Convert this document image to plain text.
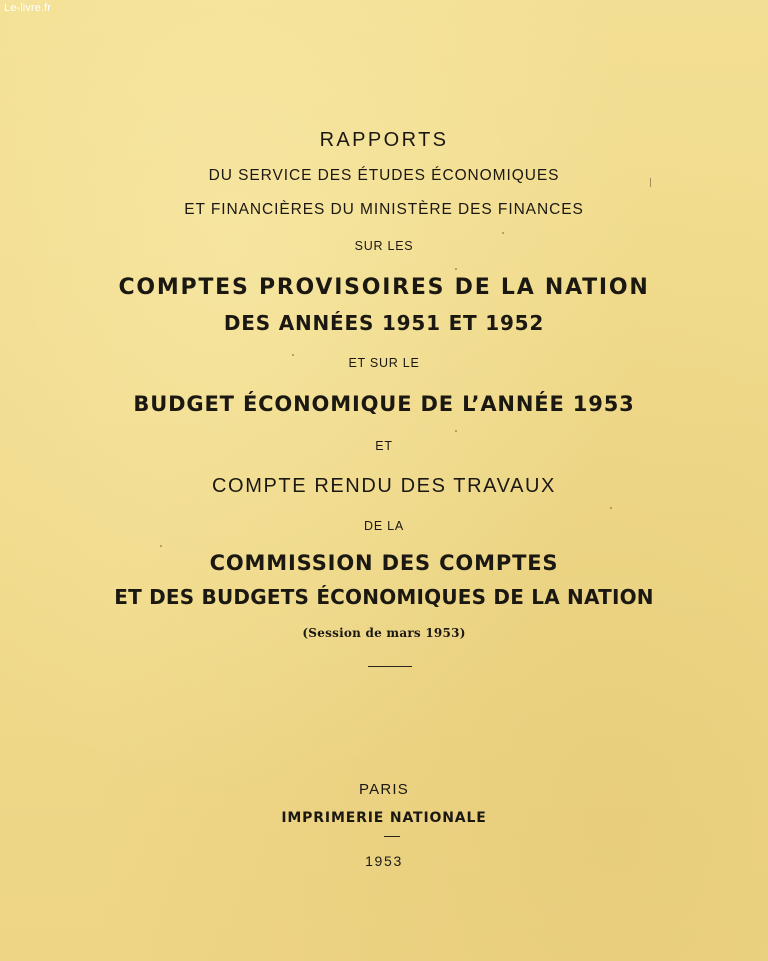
Le-livre.fr
RAPPORTS
DU SERVICE DES ÉTUDES ÉCONOMIQUES
ET FINANCIÈRES DU MINISTÈRE DES FINANCES
SUR LES
COMPTES PROVISOIRES DE LA NATION
DES ANNÉES 1951 ET 1952
ET SUR LE
BUDGET ÉCONOMIQUE DE L’ANNÉE 1953
ET
COMPTE RENDU DES TRAVAUX
DE LA
COMMISSION DES COMPTES
ET DES BUDGETS ÉCONOMIQUES DE LA NATION
(Session de mars 1953)
PARIS
IMPRIMERIE NATIONALE
1953
